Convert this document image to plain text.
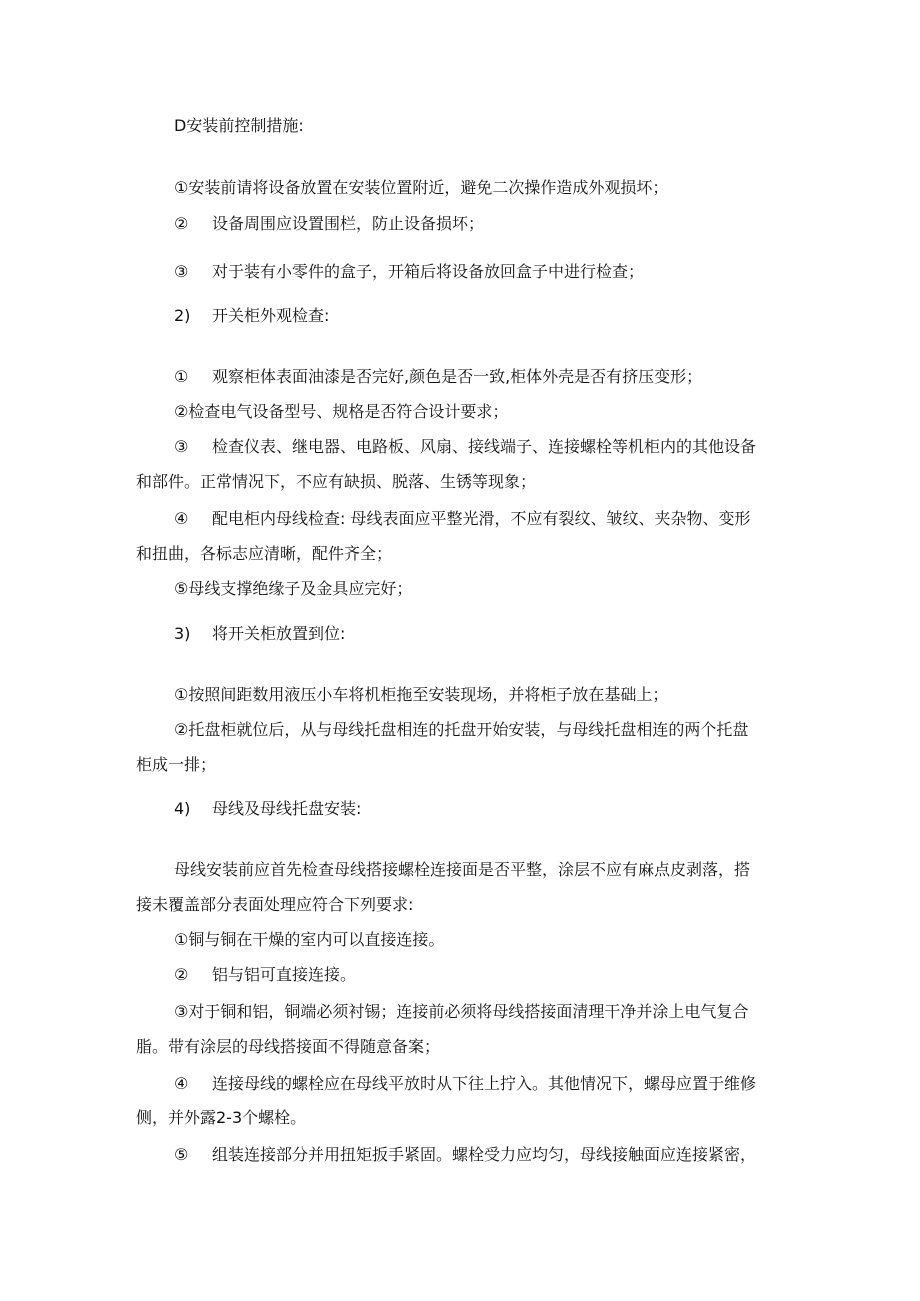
D安装前控制措施:
①安装前请将设备放置在安装位置附近，避免二次操作造成外观损坏；
② 设备周围应设置围栏，防止设备损坏；
③ 对于装有小零件的盒子，开箱后将设备放回盒子中进行检查；
2) 开关柜外观检查:
① 观察柜体表面油漆是否完好,颜色是否一致,柜体外壳是否有挤压变形；
②检查电气设备型号、规格是否符合设计要求；
③ 检查仪表、继电器、电路板、风扇、接线端子、连接螺栓等机柜内的其他设备
和部件。正常情况下，不应有缺损、脱落、生锈等现象；
④ 配电柜内母线检查: 母线表面应平整光滑，不应有裂纹、皱纹、夹杂物、变形
和扭曲，各标志应清晰，配件齐全；
⑤母线支撑绝缘子及金具应完好；
3) 将开关柜放置到位:
①按照间距数用液压小车将机柜拖至安装现场，并将柜子放在基础上；
②托盘柜就位后，从与母线托盘相连的托盘开始安装，与母线托盘相连的两个托盘
柜成一排；
4) 母线及母线托盘安装:
母线安装前应首先检查母线搭接螺栓连接面是否平整，涂层不应有麻点皮剥落，搭
接未覆盖部分表面处理应符合下列要求:
①铜与铜在干燥的室内可以直接连接。
② 铝与铝可直接连接。
③对于铜和铝，铜端必须衬锡；连接前必须将母线搭接面清理干净并涂上电气复合
脂。带有涂层的母线搭接面不得随意备案；
④ 连接母线的螺栓应在母线平放时从下往上拧入。其他情况下，螺母应置于维修
侧，并外露2-3个螺栓。
⑤ 组装连接部分并用扭矩扳手紧固。螺栓受力应均匀，母线接触面应连接紧密，
